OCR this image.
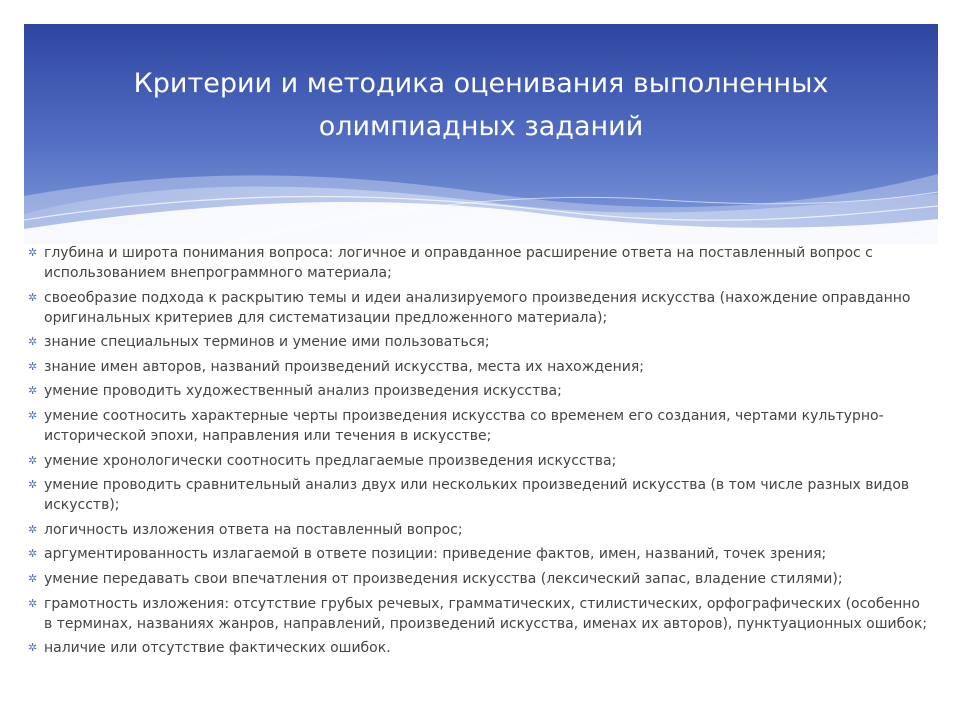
Критерии и методика оценивания выполненных
олимпиадных заданий
✲ глубина и широта понимания вопроса: логичное и оправданное расширение ответа на поставленный вопрос с использованием внепрограммного материала;
✲ своеобразие подхода к раскрытию темы и идеи анализируемого произведения искусства (нахождение оправданно оригинальных критериев для систематизации предложенного материала);
✲ знание специальных терминов и умение ими пользоваться;
✲ знание имен авторов, названий произведений искусства, места их нахождения;
✲ умение проводить художественный анализ произведения искусства;
✲ умение соотносить характерные черты произведения искусства со временем его создания, чертами культурно-исторической эпохи, направления или течения в искусстве;
✲ умение хронологически соотносить предлагаемые произведения искусства;
✲ умение проводить сравнительный анализ двух или нескольких произведений искусства (в том числе разных видов искусств);
✲ логичность изложения ответа на поставленный вопрос;
✲ аргументированность излагаемой в ответе позиции: приведение фактов, имен, названий, точек зрения;
✲ умение передавать свои впечатления от произведения искусства (лексический запас, владение стилями);
✲ грамотность изложения: отсутствие грубых речевых, грамматических, стилистических, орфографических (особенно в терминах, названиях жанров, направлений, произведений искусства, именах их авторов), пунктуационных ошибок;
✲ наличие или отсутствие фактических ошибок.
